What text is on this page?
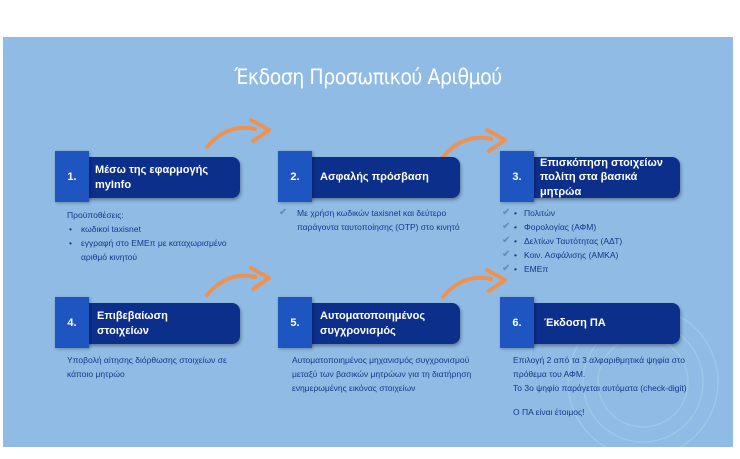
Έκδοση Προσωπικού Αριθμού
Μέσω της εφαρμογής myInfo
1.

Προϋποθέσεις:

• κωδικοί taxisnet
• εγγραφή στο ΕΜΕπ με καταχωρισμένο αριθμό κινητού
Ασφαλής πρόσβαση
2.
✔ Με χρήση κωδικών taxisnet και δεύτερο παράγοντα ταυτοποίησης (OTP) στο κινητό
Επισκόπηση στοιχείων πολίτη στα βασικά μητρώα
3.
✔ • Πολιτών
✔ • Φορολογίας (ΑΦΜ)
✔ • Δελτίων Ταυτότητας (ΑΔΤ)
✔ • Κοιν. Ασφάλισης (ΑΜΚΑ)
✔ • ΕΜΕπ
Επιβεβαίωση στοιχείων
4.
Υποβολή αίτησης διόρθωσης στοιχείων σε κάποιο μητρώο
Αυτοματοποιημένος συγχρονισμός
5.
Αυτοματοποιημένος μηχανισμός συγχρονισμού μεταξύ των βασικών μητρώων για τη διατήρηση ενημερωμένης εικόνας στοιχείων
Έκδοση ΠΑ
6.

Επιλογή 2 από τα 3 αλφαριθμητικά ψηφία στο πρόθεμα του ΑΦΜ.

Το 3ο ψηφίο παράγεται αυτόματα (check-digit)

Ο ΠΑ είναι έτοιμος!
